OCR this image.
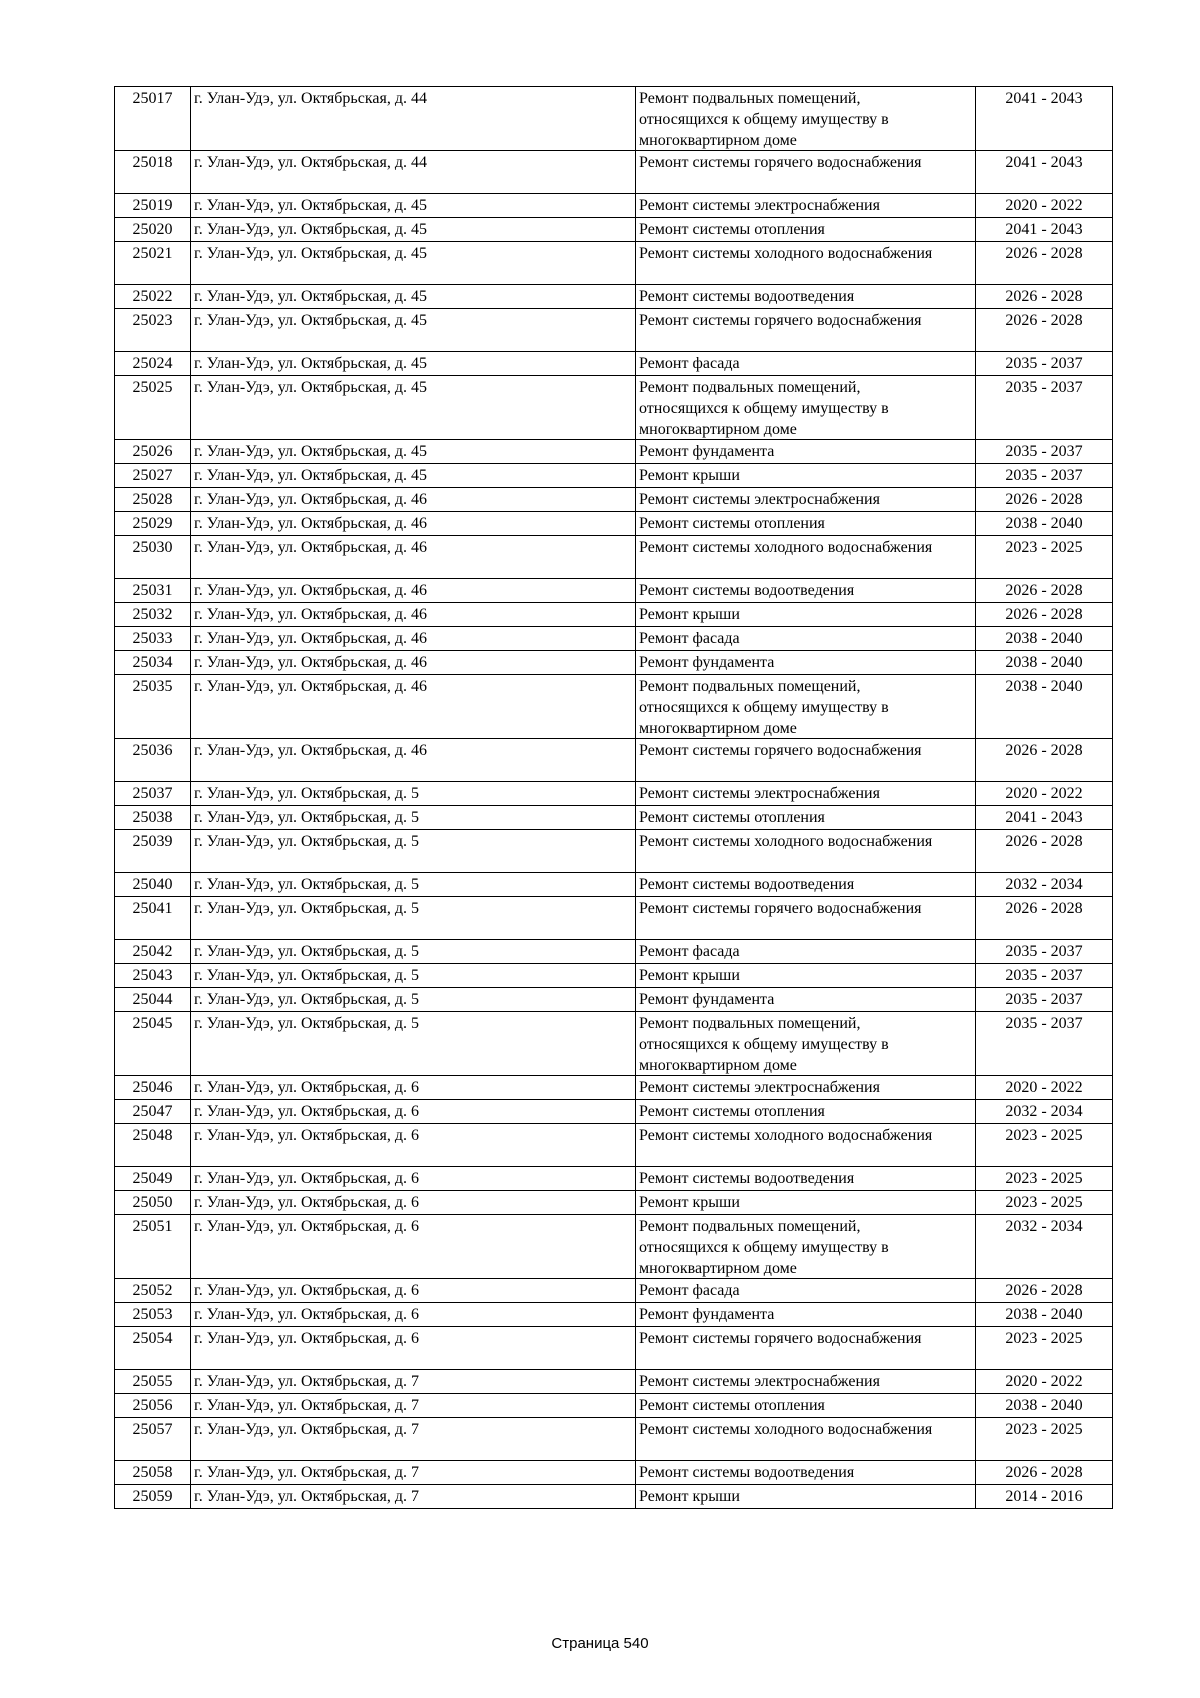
25017	г. Улан-Удэ, ул. Октябрьская, д. 44	Ремонт подвальных помещений,
относящихся к общему имуществу в
многоквартирном доме	2041 - 2043
25018	г. Улан-Удэ, ул. Октябрьская, д. 44	Ремонт системы горячего водоснабжения	2041 - 2043
25019	г. Улан-Удэ, ул. Октябрьская, д. 45	Ремонт системы электроснабжения	2020 - 2022
25020	г. Улан-Удэ, ул. Октябрьская, д. 45	Ремонт системы отопления	2041 - 2043
25021	г. Улан-Удэ, ул. Октябрьская, д. 45	Ремонт системы холодного водоснабжения	2026 - 2028
25022	г. Улан-Удэ, ул. Октябрьская, д. 45	Ремонт системы водоотведения	2026 - 2028
25023	г. Улан-Удэ, ул. Октябрьская, д. 45	Ремонт системы горячего водоснабжения	2026 - 2028
25024	г. Улан-Удэ, ул. Октябрьская, д. 45	Ремонт фасада	2035 - 2037
25025	г. Улан-Удэ, ул. Октябрьская, д. 45	Ремонт подвальных помещений,
относящихся к общему имуществу в
многоквартирном доме	2035 - 2037
25026	г. Улан-Удэ, ул. Октябрьская, д. 45	Ремонт фундамента	2035 - 2037
25027	г. Улан-Удэ, ул. Октябрьская, д. 45	Ремонт крыши	2035 - 2037
25028	г. Улан-Удэ, ул. Октябрьская, д. 46	Ремонт системы электроснабжения	2026 - 2028
25029	г. Улан-Удэ, ул. Октябрьская, д. 46	Ремонт системы отопления	2038 - 2040
25030	г. Улан-Удэ, ул. Октябрьская, д. 46	Ремонт системы холодного водоснабжения	2023 - 2025
25031	г. Улан-Удэ, ул. Октябрьская, д. 46	Ремонт системы водоотведения	2026 - 2028
25032	г. Улан-Удэ, ул. Октябрьская, д. 46	Ремонт крыши	2026 - 2028
25033	г. Улан-Удэ, ул. Октябрьская, д. 46	Ремонт фасада	2038 - 2040
25034	г. Улан-Удэ, ул. Октябрьская, д. 46	Ремонт фундамента	2038 - 2040
25035	г. Улан-Удэ, ул. Октябрьская, д. 46	Ремонт подвальных помещений,
относящихся к общему имуществу в
многоквартирном доме	2038 - 2040
25036	г. Улан-Удэ, ул. Октябрьская, д. 46	Ремонт системы горячего водоснабжения	2026 - 2028
25037	г. Улан-Удэ, ул. Октябрьская, д. 5	Ремонт системы электроснабжения	2020 - 2022
25038	г. Улан-Удэ, ул. Октябрьская, д. 5	Ремонт системы отопления	2041 - 2043
25039	г. Улан-Удэ, ул. Октябрьская, д. 5	Ремонт системы холодного водоснабжения	2026 - 2028
25040	г. Улан-Удэ, ул. Октябрьская, д. 5	Ремонт системы водоотведения	2032 - 2034
25041	г. Улан-Удэ, ул. Октябрьская, д. 5	Ремонт системы горячего водоснабжения	2026 - 2028
25042	г. Улан-Удэ, ул. Октябрьская, д. 5	Ремонт фасада	2035 - 2037
25043	г. Улан-Удэ, ул. Октябрьская, д. 5	Ремонт крыши	2035 - 2037
25044	г. Улан-Удэ, ул. Октябрьская, д. 5	Ремонт фундамента	2035 - 2037
25045	г. Улан-Удэ, ул. Октябрьская, д. 5	Ремонт подвальных помещений,
относящихся к общему имуществу в
многоквартирном доме	2035 - 2037
25046	г. Улан-Удэ, ул. Октябрьская, д. 6	Ремонт системы электроснабжения	2020 - 2022
25047	г. Улан-Удэ, ул. Октябрьская, д. 6	Ремонт системы отопления	2032 - 2034
25048	г. Улан-Удэ, ул. Октябрьская, д. 6	Ремонт системы холодного водоснабжения	2023 - 2025
25049	г. Улан-Удэ, ул. Октябрьская, д. 6	Ремонт системы водоотведения	2023 - 2025
25050	г. Улан-Удэ, ул. Октябрьская, д. 6	Ремонт крыши	2023 - 2025
25051	г. Улан-Удэ, ул. Октябрьская, д. 6	Ремонт подвальных помещений,
относящихся к общему имуществу в
многоквартирном доме	2032 - 2034
25052	г. Улан-Удэ, ул. Октябрьская, д. 6	Ремонт фасада	2026 - 2028
25053	г. Улан-Удэ, ул. Октябрьская, д. 6	Ремонт фундамента	2038 - 2040
25054	г. Улан-Удэ, ул. Октябрьская, д. 6	Ремонт системы горячего водоснабжения	2023 - 2025
25055	г. Улан-Удэ, ул. Октябрьская, д. 7	Ремонт системы электроснабжения	2020 - 2022
25056	г. Улан-Удэ, ул. Октябрьская, д. 7	Ремонт системы отопления	2038 - 2040
25057	г. Улан-Удэ, ул. Октябрьская, д. 7	Ремонт системы холодного водоснабжения	2023 - 2025
25058	г. Улан-Удэ, ул. Октябрьская, д. 7	Ремонт системы водоотведения	2026 - 2028
25059	г. Улан-Удэ, ул. Октябрьская, д. 7	Ремонт крыши	2014 - 2016
Страница 540
